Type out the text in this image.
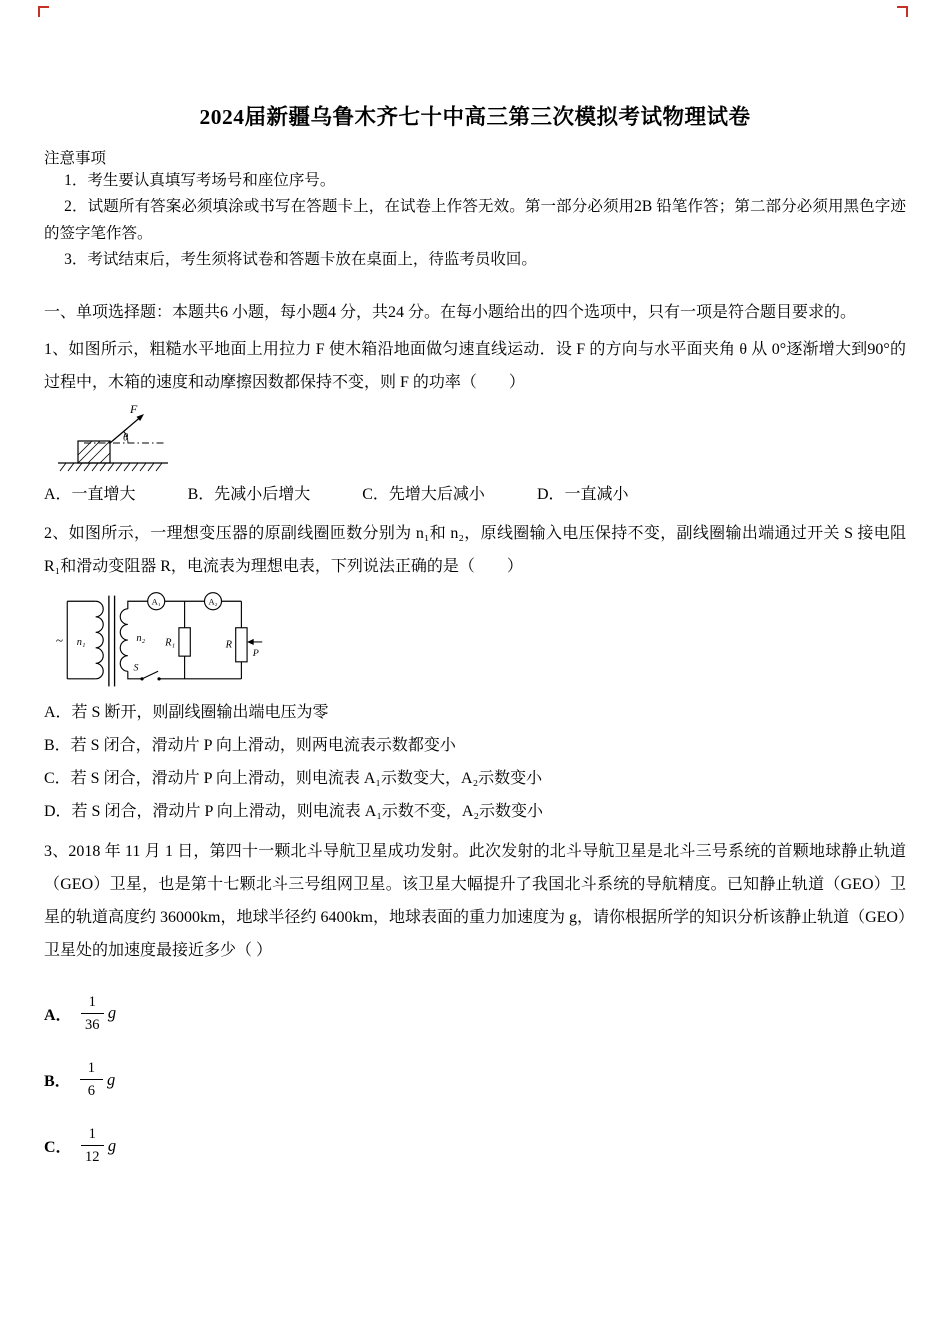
2024届新疆乌鲁木齐七十中高三第三次模拟考试物理试卷
注意事项

1．考生要认真填写考场号和座位序号。

2．试题所有答案必须填涂或书写在答题卡上，在试卷上作答无效。第一部分必须用2B 铅笔作答；第二部分必须用黑色字迹的签字笔作答。

3．考试结束后，考生须将试卷和答题卡放在桌面上，待监考员收回。

一、单项选择题：本题共6 小题，每小题4 分，共24 分。在每小题给出的四个选项中，只有一项是符合题目要求的。

1、如图所示，粗糙水平地面上用拉力 F 使木箱沿地面做匀速直线运动．设 F 的方向与水平面夹角 θ 从 0°逐渐增大到90°的过程中，木箱的速度和动摩擦因数都保持不变，则 F 的功率（　　）

F
θ
A．一直增大	B．先减小后增大	C．先增大后减小	D．一直减小

2、如图所示，一理想变压器的原副线圈匝数分别为 n₁和 n₂，原线圈输入电压保持不变，副线圈输出端通过开关 S 接电阻 R₁和滑动变阻器 R，电流表为理想电表，下列说法正确的是（　　）

~ n₁	n₂
A₁	A₂
R₁	R
P
S

A．若 S 断开，则副线圈输出端电压为零

B．若 S 闭合，滑动片 P 向上滑动，则两电流表示数都变小

C．若 S 闭合，滑动片 P 向上滑动，则电流表 A₁示数变大，A₂示数变小

D．若 S 闭合，滑动片 P 向上滑动，则电流表 A₁示数不变，A₂示数变小

3、2018 年 11 月 1 日，第四十一颗北斗导航卫星成功发射。此次发射的北斗导航卫星是北斗三号系统的首颗地球静止轨道（GEO）卫星，也是第十七颗北斗三号组网卫星。该卫星大幅提升了我国北斗系统的导航精度。已知静止轨道（GEO）卫星的轨道高度约 36000km，地球半径约 6400km，地球表面的重力加速度为 g，请你根据所学的知识分析该静止轨道（GEO）卫星处的加速度最接近多少（ ）

A． $\frac{1}{36}$ g
B． $\frac{1}{6}$ g
C． $\frac{1}{12}$ g
